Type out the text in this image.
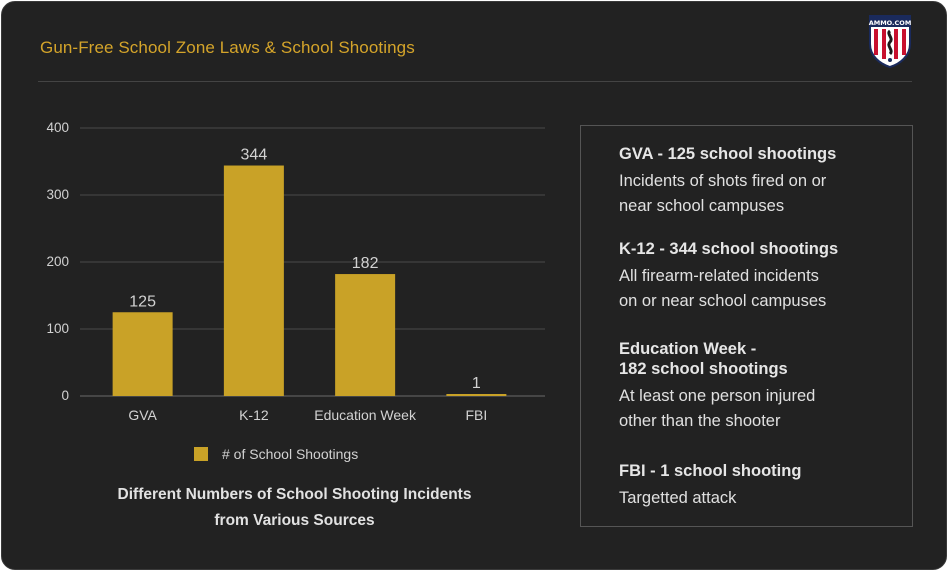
Gun-Free School Zone Laws & School Shootings
AMMO.COM
0
100
200
300
400
125
GVA
344
K-12
182
Education Week
1
FBI
# of School Shootings
Different Numbers of School Shooting Incidents
from Various Sources
GVA - 125 school shootings
Incidents of shots fired on or
near school campuses
K-12 - 344 school shootings
All firearm-related incidents
on or near school campuses
Education Week -
182 school shootings
At least one person injured
other than the shooter
FBI - 1 school shooting
Targetted attack
